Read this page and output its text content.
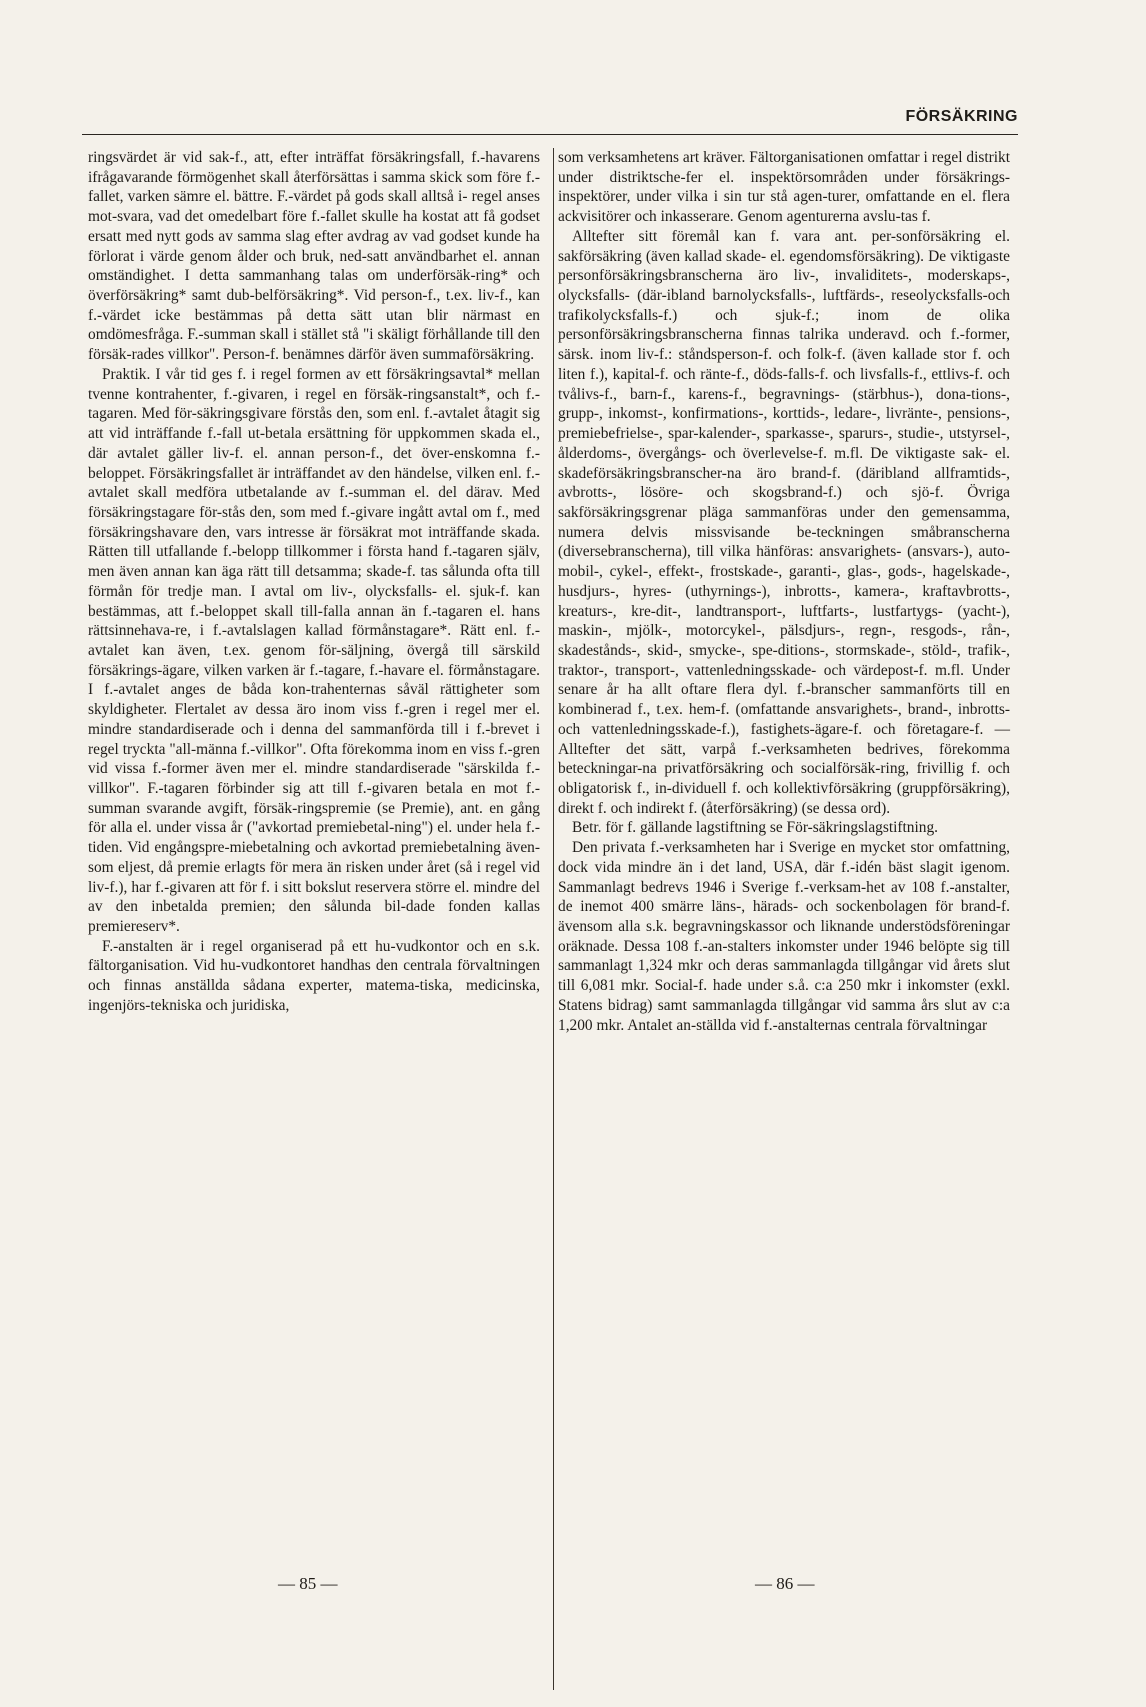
FÖRSÄKRING

ringsvärdet är vid sak-f., att, efter inträffat försäkringsfall, f.-havarens ifrågavarande förmögenhet skall återförsättas i samma skick som före f.-fallet, varken sämre el. bättre. F.-värdet på gods skall alltså i- regel anses mot-svara, vad det omedelbart före f.-fallet skulle ha kostat att få godset ersatt med nytt gods av samma slag efter avdrag av vad godset kunde ha förlorat i värde genom ålder och bruk, ned-satt användbarhet el. annan omständighet. I detta sammanhang talas om underförsäk-ring* och överförsäkring* samt dub-belförsäkring*. Vid person-f., t.ex. liv-f., kan f.-värdet icke bestämmas på detta sätt utan blir närmast en omdömesfråga. F.-summan skall i stället stå "i skäligt förhållande till den försäk-rades villkor". Person-f. benämnes därför även summaförsäkring.

Praktik. I vår tid ges f. i regel formen av ett försäkringsavtal* mellan tvenne kontrahenter, f.-givaren, i regel en försäk-ringsanstalt*, och f.-tagaren. Med för-säkringsgivare förstås den, som enl. f.-avtalet åtagit sig att vid inträffande f.-fall ut-betala ersättning för uppkommen skada el., där avtalet gäller liv-f. el. annan person-f., det över-enskomna f.-beloppet. Försäkringsfallet är inträffandet av den händelse, vilken enl. f.-avtalet skall medföra utbetalande av f.-summan el. del därav. Med försäkringstagare för-stås den, som med f.-givare ingått avtal om f., med försäkringshavare den, vars intresse är försäkrat mot inträffande skada. Rätten till utfallande f.-belopp tillkommer i första hand f.-tagaren själv, men även annan kan äga rätt till detsamma; skade-f. tas sålunda ofta till förmån för tredje man. I avtal om liv-, olycksfalls- el. sjuk-f. kan bestämmas, att f.-beloppet skall till-falla annan än f.-tagaren el. hans rättsinnehava-re, i f.-avtalslagen kallad förmånstagare*. Rätt enl. f.-avtalet kan även, t.ex. genom för-säljning, övergå till särskild försäkrings-ägare, vilken varken är f.-tagare, f.-havare el. förmånstagare. I f.-avtalet anges de båda kon-trahenternas såväl rättigheter som skyldigheter. Flertalet av dessa äro inom viss f.-gren i regel mer el. mindre standardiserade och i denna del sammanförda till i f.-brevet i regel tryckta "all-männa f.-villkor". Ofta förekomma inom en viss f.-gren vid vissa f.-former även mer el. mindre standardiserade "särskilda f.-villkor". F.-tagaren förbinder sig att till f.-givaren betala en mot f.-summan svarande avgift, försäk-ringspremie (se Premie), ant. en gång för alla el. under vissa år ("avkortad premiebetal-ning") el. under hela f.-tiden. Vid engångspre-miebetalning och avkortad premiebetalning även-som eljest, då premie erlagts för mera än risken under året (så i regel vid liv-f.), har f.-givaren att för f. i sitt bokslut reservera större el. mindre del av den inbetalda premien; den sålunda bil-dade fonden kallas premiereserv*.

F.-anstalten är i regel organiserad på ett hu-vudkontor och en s.k. fältorganisation. Vid hu-vudkontoret handhas den centrala förvaltningen och finnas anställda sådana experter, matema-tiska, medicinska, ingenjörs-tekniska och juridiska,

som verksamhetens art kräver. Fältorganisationen omfattar i regel distrikt under distriktsche-fer el. inspektörsområden under försäkrings-inspektörer, under vilka i sin tur stå agen-turer, omfattande en el. flera ackvisitörer och inkasserare. Genom agenturerna avslu-tas f.

Alltefter sitt föremål kan f. vara ant. per-sonförsäkring el. sakförsäkring (även kallad skade- el. egendomsförsäkring). De viktigaste personförsäkringsbranscherna äro liv-, invaliditets-, moderskaps-, olycksfalls- (där-ibland barnolycksfalls-, luftfärds-, reseolycksfalls-och trafikolycksfalls-f.) och sjuk-f.; inom de olika personförsäkringsbranscherna finnas talrika underavd. och f.-former, särsk. inom liv-f.: ståndsperson-f. och folk-f. (även kallade stor f. och liten f.), kapital-f. och ränte-f., döds-falls-f. och livsfalls-f., ettlivs-f. och tvålivs-f., barn-f., karens-f., begravnings- (stärbhus-), dona-tions-, grupp-, inkomst-, konfirmations-, korttids-, ledare-, livränte-, pensions-, premiebefrielse-, spar-kalender-, sparkasse-, sparurs-, studie-, utstyrsel-, ålderdoms-, övergångs- och överlevelse-f. m.fl. De viktigaste sak- el. skadeförsäkringsbranscher-na äro brand-f. (däribland allframtids-, avbrotts-, lösöre- och skogsbrand-f.) och sjö-f. Övriga sakförsäkringsgrenar pläga sammanföras under den gemensamma, numera delvis missvisande be-teckningen småbranscherna (diversebranscherna), till vilka hänföras: ansvarighets- (ansvars-), auto-mobil-, cykel-, effekt-, frostskade-, garanti-, glas-, gods-, hagelskade-, husdjurs-, hyres- (uthyrnings-), inbrotts-, kamera-, kraftavbrotts-, kreaturs-, kre-dit-, landtransport-, luftfarts-, lustfartygs- (yacht-), maskin-, mjölk-, motorcykel-, pälsdjurs-, regn-, resgods-, rån-, skadestånds-, skid-, smycke-, spe-ditions-, stormskade-, stöld-, trafik-, traktor-, transport-, vattenledningsskade- och värdepost-f. m.fl. Under senare år ha allt oftare flera dyl. f.-branscher sammanförts till en kombinerad f., t.ex. hem-f. (omfattande ansvarighets-, brand-, inbrotts- och vattenledningsskade-f.), fastighets-ägare-f. och företagare-f. — Alltefter det sätt, varpå f.-verksamheten bedrives, förekomma beteckningar-na privatförsäkring och socialförsäk-ring, frivillig f. och obligatorisk f., in-dividuell f. och kollektivförsäkring (gruppförsäkring), direkt f. och indirekt f. (återförsäkring) (se dessa ord).

Betr. för f. gällande lagstiftning se För-säkringslagstiftning.

Den privata f.-verksamheten har i Sverige en mycket stor omfattning, dock vida mindre än i det land, USA, där f.-idén bäst slagit igenom. Sammanlagt bedrevs 1946 i Sverige f.-verksam-het av 108 f.-anstalter, de inemot 400 smärre läns-, härads- och sockenbolagen för brand-f. ävensom alla s.k. begravningskassor och liknande understödsföreningar oräknade. Dessa 108 f.-an-stalters inkomster under 1946 belöpte sig till sammanlagt 1,324 mkr och deras sammanlagda tillgångar vid årets slut till 6,081 mkr. Social-f. hade under s.å. c:a 250 mkr i inkomster (exkl. Statens bidrag) samt sammanlagda tillgångar vid samma års slut av c:a 1,200 mkr. Antalet an-ställda vid f.-anstalternas centrala förvaltningar

— 85 —	— 86 —
